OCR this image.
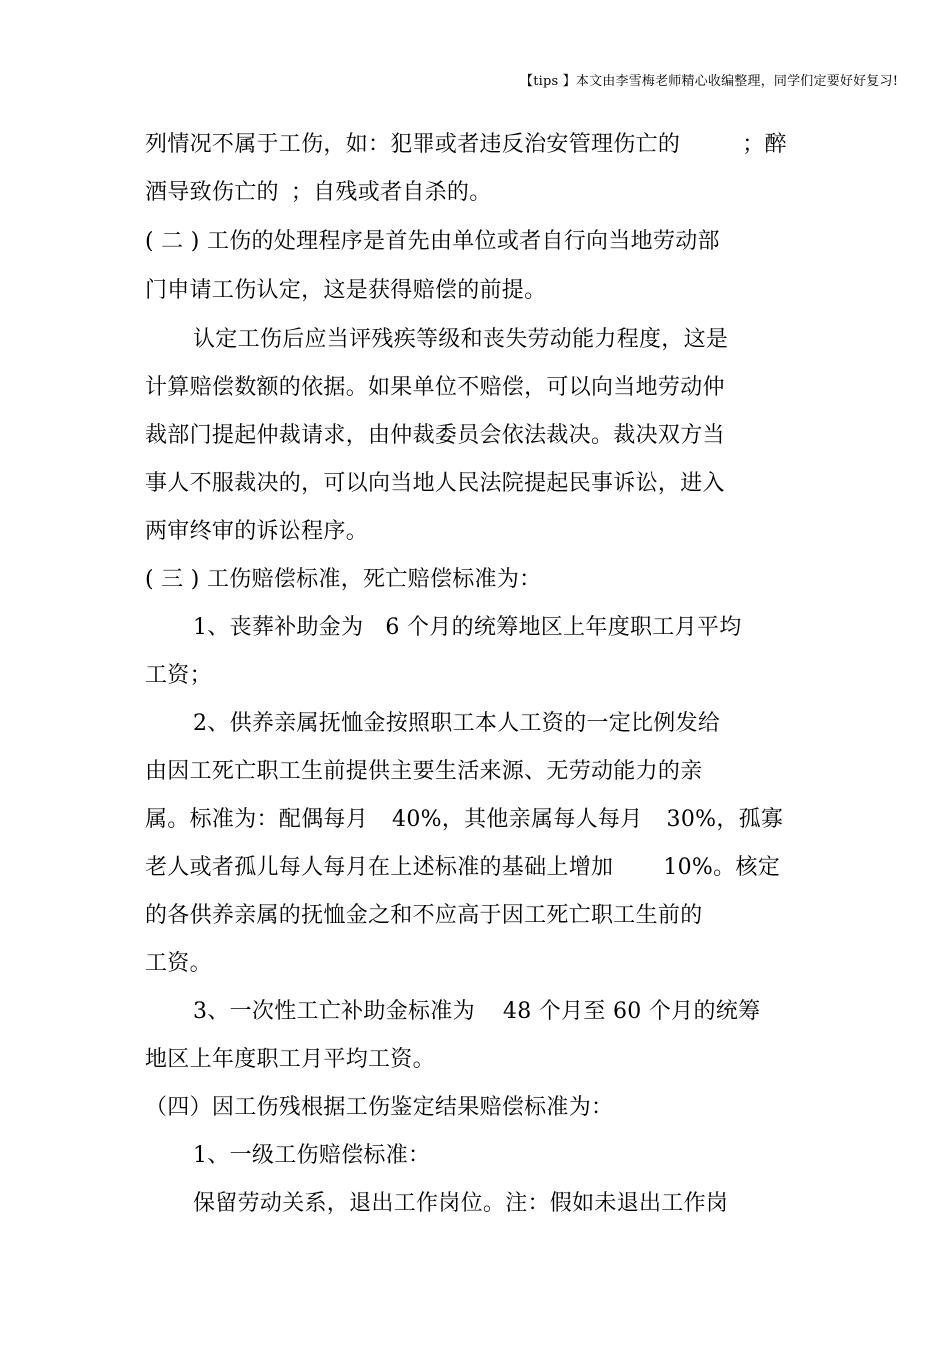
【tips 】本文由李雪梅老师精心收编整理，同学们定要好好复习!
列情况不属于工伤，如：犯罪或者违反治安管理伤亡的	；醉
酒导致伤亡的 ；自残或者自杀的。
( 二 ) 工伤的处理程序是首先由单位或者自行向当地劳动部
门申请工伤认定，这是获得赔偿的前提。
认定工伤后应当评残疾等级和丧失劳动能力程度，这是
计算赔偿数额的依据。如果单位不赔偿，可以向当地劳动仲
裁部门提起仲裁请求，由仲裁委员会依法裁决。裁决双方当
事人不服裁决的，可以向当地人民法院提起民事诉讼，进入
两审终审的诉讼程序。
( 三 ) 工伤赔偿标准，死亡赔偿标准为：
1、丧葬补助金为 6 个月的统筹地区上年度职工月平均
工资；
2、供养亲属抚恤金按照职工本人工资的一定比例发给
由因工死亡职工生前提供主要生活来源、无劳动能力的亲
属。标准为：配偶每月 40%，其他亲属每人每月 30%，孤寡
老人或者孤儿每人每月在上述标准的基础上增加 10%。核定
的各供养亲属的抚恤金之和不应高于因工死亡职工生前的
工资。
3、一次性工亡补助金标准为 48 个月至 60 个月的统筹
地区上年度职工月平均工资。
（四）因工伤残根据工伤鉴定结果赔偿标准为：
1、一级工伤赔偿标准：
保留劳动关系，退出工作岗位。注：假如未退出工作岗
